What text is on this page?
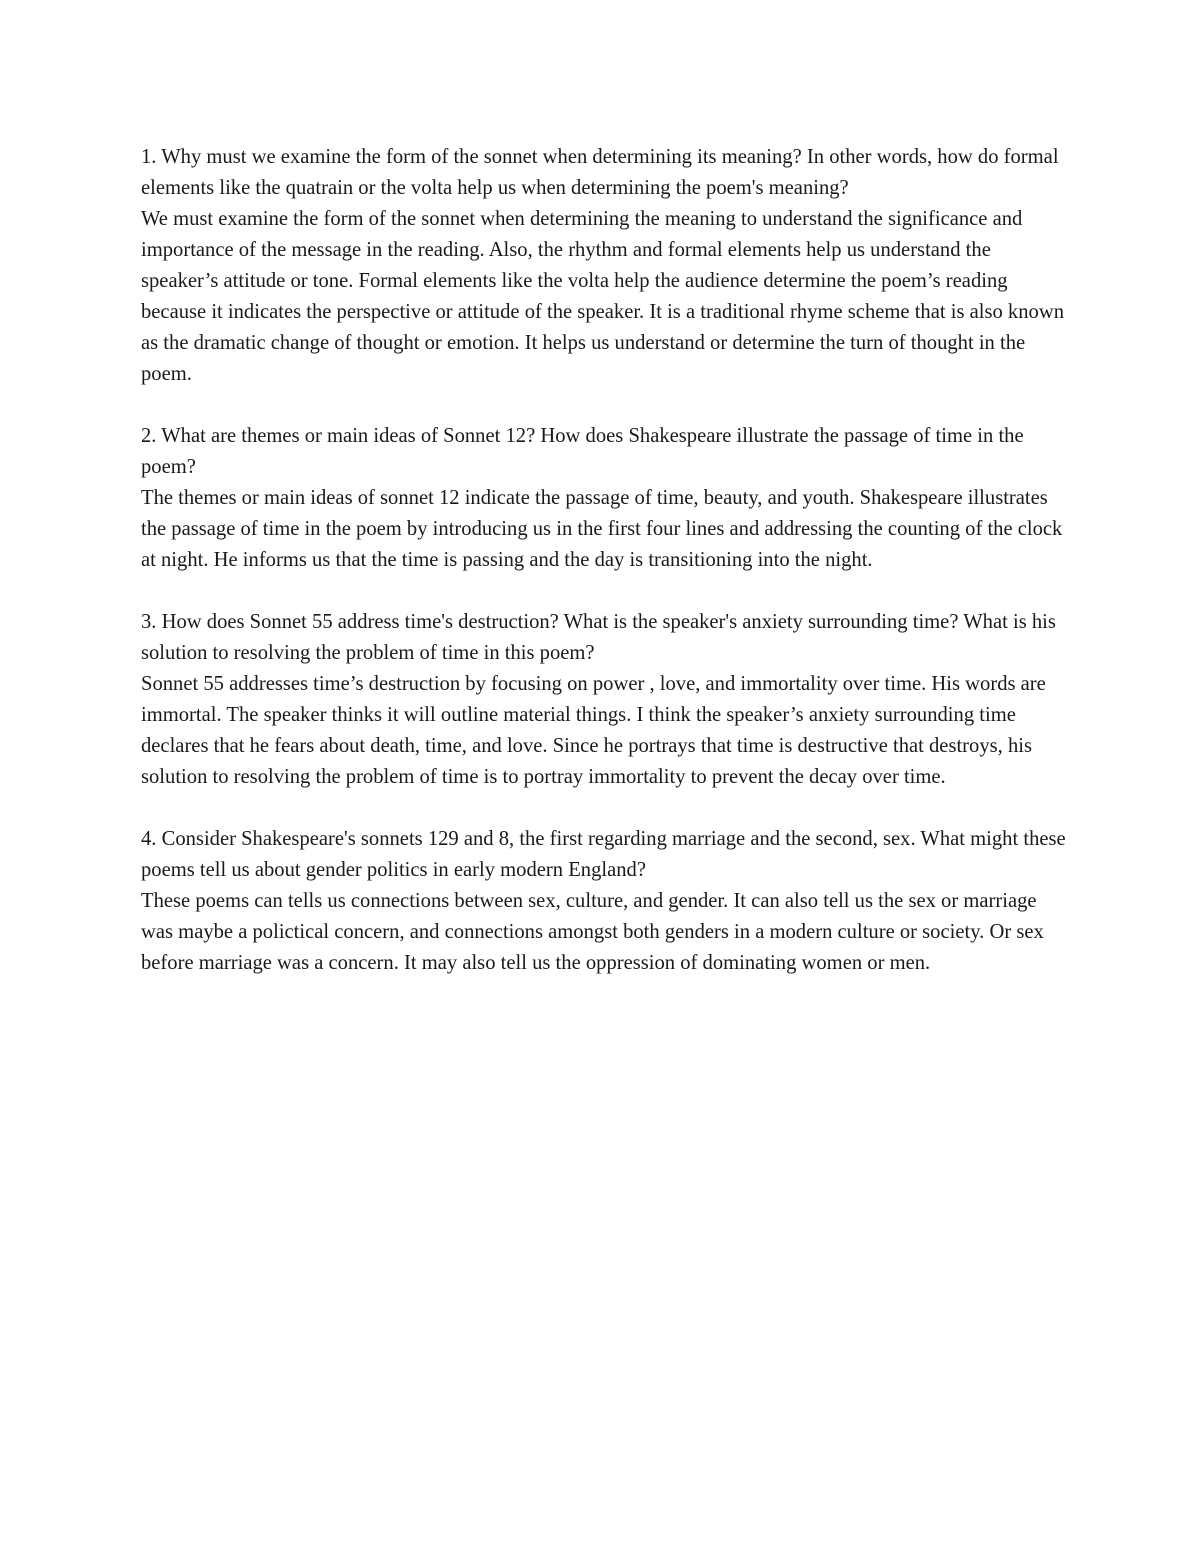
1. Why must we examine the form of the sonnet when determining its meaning? In other words, how do formal elements like the quatrain or the volta help us when determining the poem's meaning?

We must examine the form of the sonnet when determining the meaning to understand the significance and importance of the message in the reading. Also, the rhythm and formal elements help us understand the speaker’s attitude or tone. Formal elements like the volta help the audience determine the poem’s reading because it indicates the perspective or attitude of the speaker. It is a traditional rhyme scheme that is also known as the dramatic change of thought or emotion. It helps us understand or determine the turn of thought in the poem.

2. What are themes or main ideas of Sonnet 12? How does Shakespeare illustrate the passage of time in the poem?

The themes or main ideas of sonnet 12 indicate the passage of time, beauty, and youth. Shakespeare illustrates the passage of time in the poem by introducing us in the first four lines and addressing the counting of the clock at night. He informs us that the time is passing and the day is transitioning into the night.

3. How does Sonnet 55 address time's destruction? What is the speaker's anxiety surrounding time? What is his solution to resolving the problem of time in this poem?

Sonnet 55 addresses time’s destruction by focusing on power , love, and immortality over time. His words are immortal. The speaker thinks it will outline material things. I think the speaker’s anxiety surrounding time declares that he fears about death, time, and love. Since he portrays that time is destructive that destroys, his solution to resolving the problem of time is to portray immortality to prevent the decay over time.

4. Consider Shakespeare's sonnets 129 and 8, the first regarding marriage and the second, sex. What might these poems tell us about gender politics in early modern England?

These poems can tells us connections between sex, culture, and gender. It can also tell us the sex or marriage was maybe a polictical concern, and connections amongst both genders in a modern culture or society. Or sex before marriage was a concern. It may also tell us the oppression of dominating women or men.
